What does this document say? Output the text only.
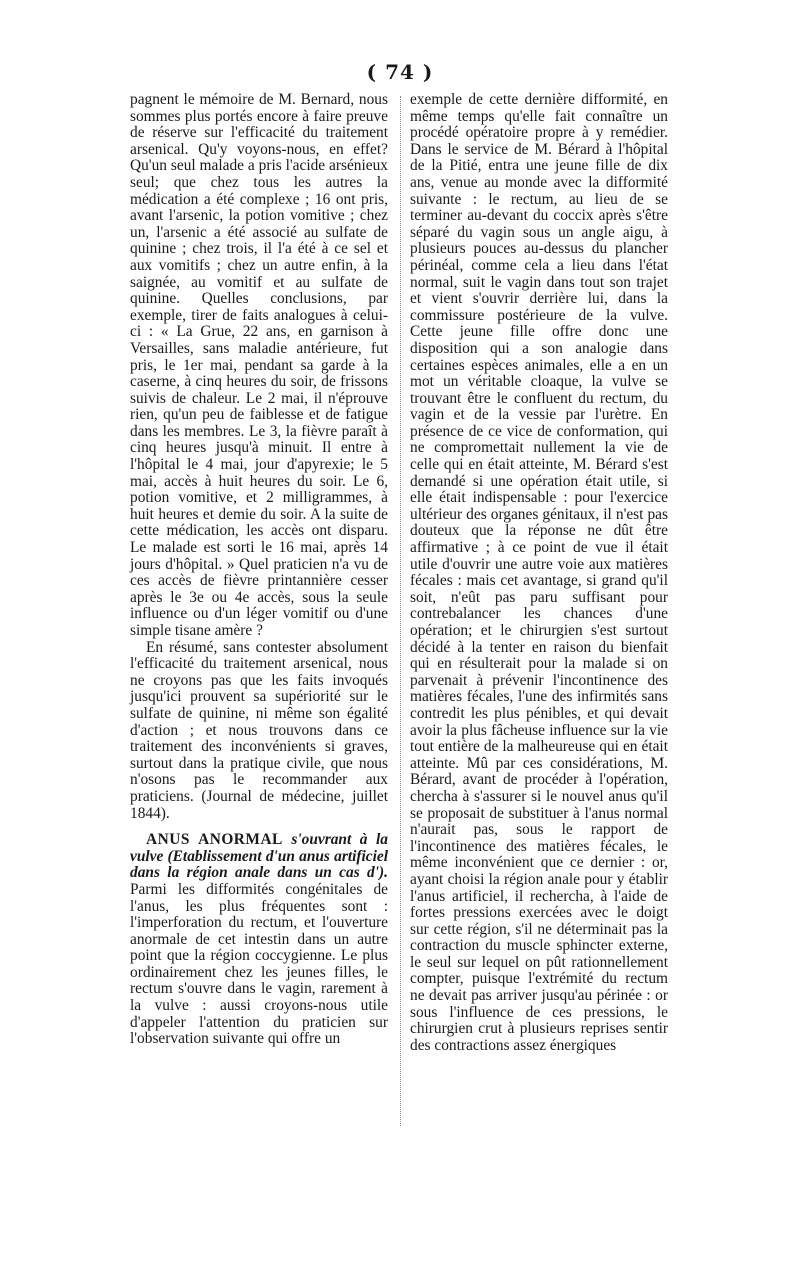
( 74 )

pagnent le mémoire de M. Bernard, nous sommes plus portés encore à faire preuve de réserve sur l'efficacité du traitement arsenical. Qu'y voyons-nous, en effet? Qu'un seul malade a pris l'acide arsénieux seul; que chez tous les autres la médication a été complexe ; 16 ont pris, avant l'arsenic, la potion vomitive ; chez un, l'arsenic a été associé au sulfate de quinine ; chez trois, il l'a été à ce sel et aux vomitifs ; chez un autre enfin, à la saignée, au vomitif et au sulfate de quinine. Quelles conclusions, par exemple, tirer de faits analogues à celui-ci : « La Grue, 22 ans, en garnison à Versailles, sans maladie antérieure, fut pris, le 1er mai, pendant sa garde à la caserne, à cinq heures du soir, de frissons suivis de chaleur. Le 2 mai, il n'éprouve rien, qu'un peu de faiblesse et de fatigue dans les membres. Le 3, la fièvre paraît à cinq heures jusqu'à minuit. Il entre à l'hôpital le 4 mai, jour d'apyrexie; le 5 mai, accès à huit heures du soir. Le 6, potion vomitive, et 2 milligrammes, à huit heures et demie du soir. A la suite de cette médication, les accès ont disparu. Le malade est sorti le 16 mai, après 14 jours d'hôpital. » Quel praticien n'a vu de ces accès de fièvre printannière cesser après le 3e ou 4e accès, sous la seule influence ou d'un léger vomitif ou d'une simple tisane amère ?

En résumé, sans contester absolument l'efficacité du traitement arsenical, nous ne croyons pas que les faits invoqués jusqu'ici prouvent sa supériorité sur le sulfate de quinine, ni même son égalité d'action ; et nous trouvons dans ce traitement des inconvénients si graves, surtout dans la pratique civile, que nous n'osons pas le recommander aux praticiens. (Journal de médecine, juillet 1844).

ANUS ANORMAL s'ouvrant à la vulve (Etablissement d'un anus artificiel dans la région anale dans un cas d'). Parmi les difformités congénitales de l'anus, les plus fréquentes sont : l'imperforation du rectum, et l'ouverture anormale de cet intestin dans un autre point que la région coccygienne. Le plus ordinairement chez les jeunes filles, le rectum s'ouvre dans le vagin, rarement à la vulve : aussi croyons-nous utile d'appeler l'attention du praticien sur l'observation suivante qui offre un

exemple de cette dernière difformité, en même temps qu'elle fait connaître un procédé opératoire propre à y remédier. Dans le service de M. Bérard à l'hôpital de la Pitié, entra une jeune fille de dix ans, venue au monde avec la difformité suivante : le rectum, au lieu de se terminer au-devant du coccix après s'être séparé du vagin sous un angle aigu, à plusieurs pouces au-dessus du plancher périnéal, comme cela a lieu dans l'état normal, suit le vagin dans tout son trajet et vient s'ouvrir derrière lui, dans la commissure postérieure de la vulve. Cette jeune fille offre donc une disposition qui a son analogie dans certaines espèces animales, elle a en un mot un véritable cloaque, la vulve se trouvant être le confluent du rectum, du vagin et de la vessie par l'urètre. En présence de ce vice de conformation, qui ne compromettait nullement la vie de celle qui en était atteinte, M. Bérard s'est demandé si une opération était utile, si elle était indispensable : pour l'exercice ultérieur des organes génitaux, il n'est pas douteux que la réponse ne dût être affirmative ; à ce point de vue il était utile d'ouvrir une autre voie aux matières fécales : mais cet avantage, si grand qu'il soit, n'eût pas paru suffisant pour contrebalancer les chances d'une opération; et le chirurgien s'est surtout décidé à la tenter en raison du bienfait qui en résulterait pour la malade si on parvenait à prévenir l'incontinence des matières fécales, l'une des infirmités sans contredit les plus pénibles, et qui devait avoir la plus fâcheuse influence sur la vie tout entière de la malheureuse qui en était atteinte. Mû par ces considérations, M. Bérard, avant de procéder à l'opération, chercha à s'assurer si le nouvel anus qu'il se proposait de substituer à l'anus normal n'aurait pas, sous le rapport de l'incontinence des matières fécales, le même inconvénient que ce dernier : or, ayant choisi la région anale pour y établir l'anus artificiel, il rechercha, à l'aide de fortes pressions exercées avec le doigt sur cette région, s'il ne déterminait pas la contraction du muscle sphincter externe, le seul sur lequel on pût rationnellement compter, puisque l'extrémité du rectum ne devait pas arriver jusqu'au périnée : or sous l'influence de ces pressions, le chirurgien crut à plusieurs reprises sentir des contractions assez énergiques
